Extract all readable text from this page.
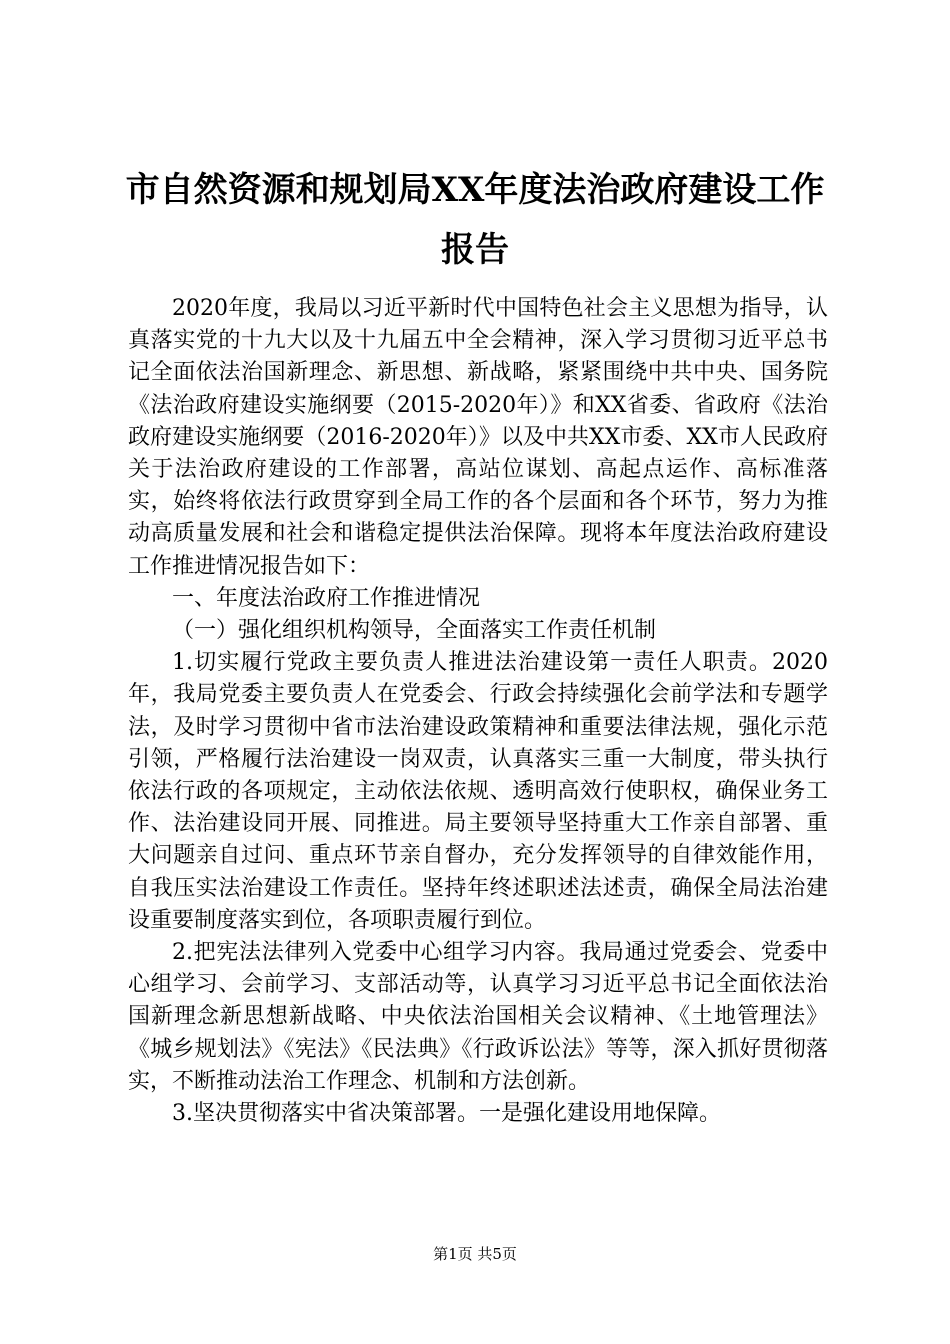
市自然资源和规划局XX年度法治政府建设工作报告

2020年度，我局以习近平新时代中国特色社会主义思想为指导，认真落实党的十九大以及十九届五中全会精神，深入学习贯彻习近平总书记全面依法治国新理念、新思想、新战略，紧紧围绕中共中央、国务院《法治政府建设实施纲要（2015-2020年）》和XX省委、省政府《法治政府建设实施纲要（2016-2020年）》以及中共XX市委、XX市人民政府关于法治政府建设的工作部署，高站位谋划、高起点运作、高标准落实，始终将依法行政贯穿到全局工作的各个层面和各个环节，努力为推动高质量发展和社会和谐稳定提供法治保障。现将本年度法治政府建设工作推进情况报告如下：

一、年度法治政府工作推进情况

（一）强化组织机构领导，全面落实工作责任机制

1.切实履行党政主要负责人推进法治建设第一责任人职责。2020年，我局党委主要负责人在党委会、行政会持续强化会前学法和专题学法，及时学习贯彻中省市法治建设政策精神和重要法律法规，强化示范引领，严格履行法治建设一岗双责，认真落实三重一大制度，带头执行依法行政的各项规定，主动依法依规、透明高效行使职权，确保业务工作、法治建设同开展、同推进。局主要领导坚持重大工作亲自部署、重大问题亲自过问、重点环节亲自督办，充分发挥领导的自律效能作用，自我压实法治建设工作责任。坚持年终述职述法述责，确保全局法治建设重要制度落实到位，各项职责履行到位。

2.把宪法法律列入党委中心组学习内容。我局通过党委会、党委中心组学习、会前学习、支部活动等，认真学习习近平总书记全面依法治国新理念新思想新战略、中央依法治国相关会议精神、《土地管理法》《城乡规划法》《宪法》《民法典》《行政诉讼法》等等，深入抓好贯彻落实，不断推动法治工作理念、机制和方法创新。

3.坚决贯彻落实中省决策部署。一是强化建设用地保障。

第1页 共5页
